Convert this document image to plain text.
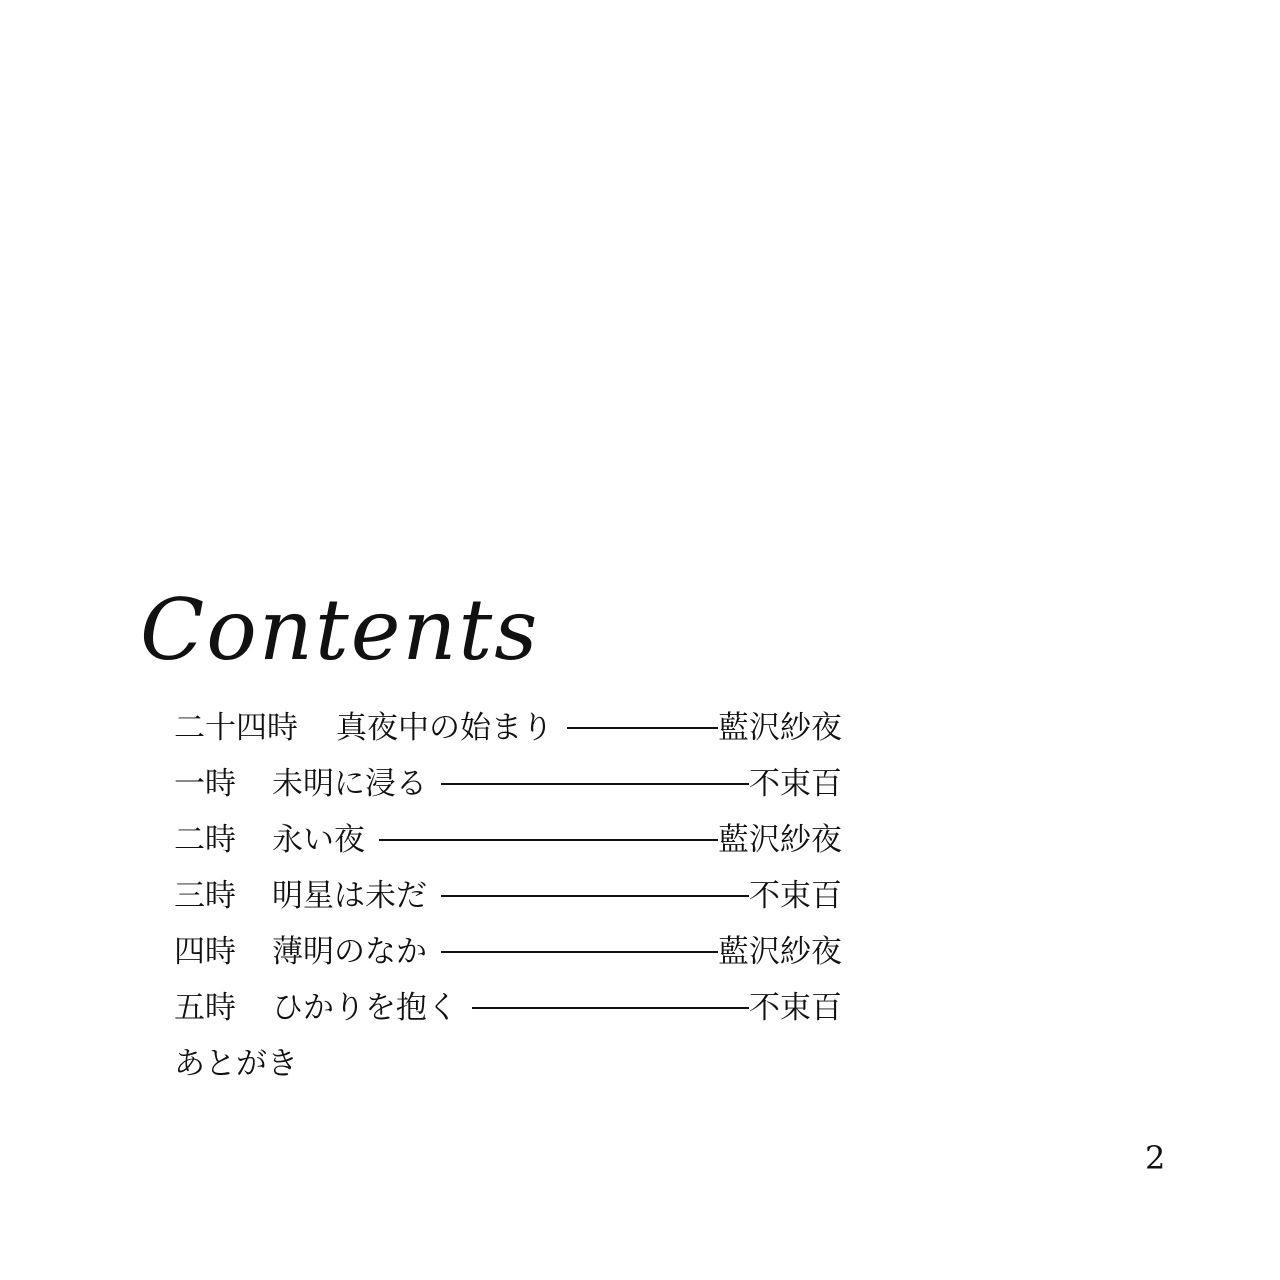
Contents
二十四時 真夜中の始まり	藍沢紗夜
一時 未明に浸る	不束百
二時 永い夜	藍沢紗夜
三時 明星は未だ	不束百
四時 薄明のなか	藍沢紗夜
五時 ひかりを抱く	不束百
あとがき
2
